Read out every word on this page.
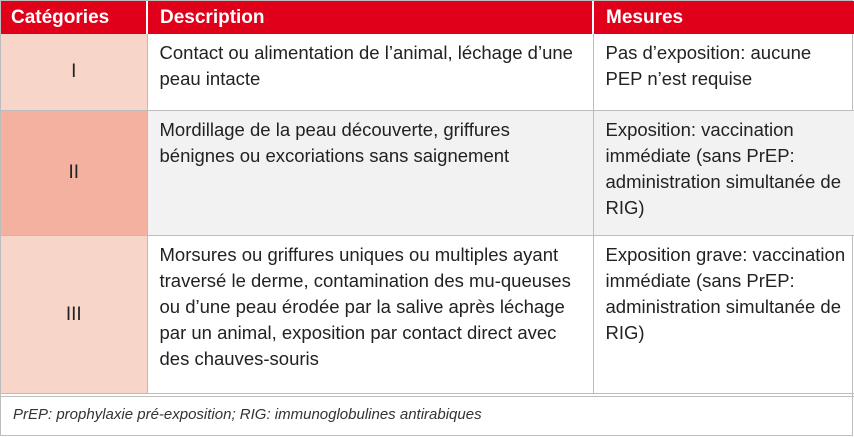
Catégories	Description	Mesures
I	Contact ou alimentation de l’animal, léchage d’une peau intacte	Pas d’exposition: aucune PEP n’est requise
II	Mordillage de la peau découverte, griffures bénignes ou excoriations sans saignement	Exposition: vaccination immédiate (sans PrEP: administration simultanée de RIG)
III	Morsures ou griffures uniques ou multiples ayant traversé le derme, contamination des mu-queuses ou d’une peau érodée par la salive après léchage par un animal, exposition par contact direct avec des chauves-souris	Exposition grave: vaccination immédiate (sans PrEP: administration simultanée de RIG)
PrEP: prophylaxie pré-exposition; RIG: immunoglobulines antirabiques
